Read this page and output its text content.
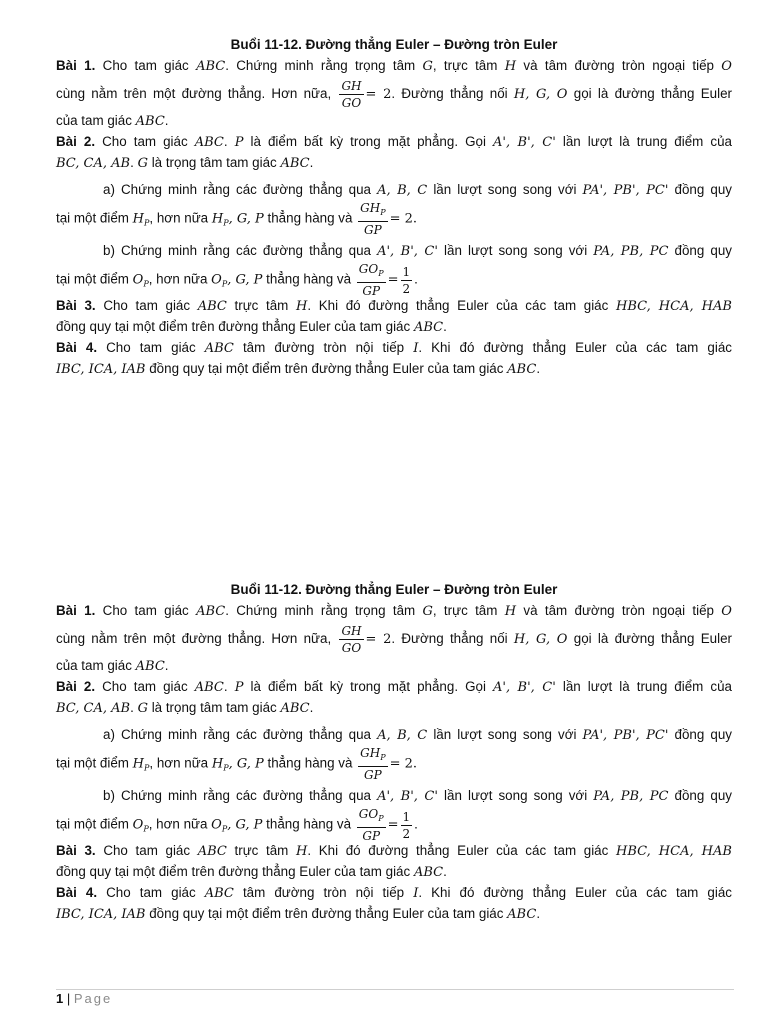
Buổi 11-12. Đường thẳng Euler – Đường tròn Euler
Bài 1. Cho tam giác ABC. Chứng minh rằng trọng tâm G, trực tâm H và tâm đường tròn ngoại tiếp O
cùng nằm trên một đường thẳng. Hơn nữa, $\frac{GH}{GO} = 2$. Đường thẳng nối H, G, O gọi là đường thẳng Euler
của tam giác ABC.
Bài 2. Cho tam giác ABC. P là điểm bất kỳ trong mặt phẳng. Gọi A', B', C' lần lượt là trung điểm của
BC, CA, AB. G là trọng tâm tam giác ABC.
a) Chứng minh rằng các đường thẳng qua A, B, C lần lượt song song với PA', PB', PC' đồng quy
tại một điểm $H_P$, hơn nữa $H_P$, G, P thẳng hàng và $\frac{GH_P}{GP} = 2$.
b) Chứng minh rằng các đường thẳng qua A', B', C' lần lượt song song với PA, PB, PC đồng quy
tại một điểm $O_P$, hơn nữa $O_P$, G, P thẳng hàng và $\frac{GO_P}{GP} = \frac{1}{2}$ .
Bài 3. Cho tam giác ABC trực tâm H. Khi đó đường thẳng Euler của các tam giác HBC, HCA, HAB
đồng quy tại một điểm trên đường thẳng Euler của tam giác ABC.
Bài 4. Cho tam giác ABC tâm đường tròn nội tiếp I. Khi đó đường thẳng Euler của các tam giác
IBC, ICA, IAB đồng quy tại một điểm trên đường thẳng Euler của tam giác ABC.
Buổi 11-12. Đường thẳng Euler – Đường tròn Euler
Bài 1. Cho tam giác ABC. Chứng minh rằng trọng tâm G, trực tâm H và tâm đường tròn ngoại tiếp O
cùng nằm trên một đường thẳng. Hơn nữa, $\frac{GH}{GO} = 2$. Đường thẳng nối H, G, O gọi là đường thẳng Euler
của tam giác ABC.
Bài 2. Cho tam giác ABC. P là điểm bất kỳ trong mặt phẳng. Gọi A', B', C' lần lượt là trung điểm của
BC, CA, AB. G là trọng tâm tam giác ABC.
a) Chứng minh rằng các đường thẳng qua A, B, C lần lượt song song với PA', PB', PC' đồng quy
tại một điểm $H_P$, hơn nữa $H_P$, G, P thẳng hàng và $\frac{GH_P}{GP} = 2$.
b) Chứng minh rằng các đường thẳng qua A', B', C' lần lượt song song với PA, PB, PC đồng quy
tại một điểm $O_P$, hơn nữa $O_P$, G, P thẳng hàng và $\frac{GO_P}{GP} = \frac{1}{2}$ .
Bài 3. Cho tam giác ABC trực tâm H. Khi đó đường thẳng Euler của các tam giác HBC, HCA, HAB
đồng quy tại một điểm trên đường thẳng Euler của tam giác ABC.
Bài 4. Cho tam giác ABC tâm đường tròn nội tiếp I. Khi đó đường thẳng Euler của các tam giác
IBC, ICA, IAB đồng quy tại một điểm trên đường thẳng Euler của tam giác ABC.
1 | Page
